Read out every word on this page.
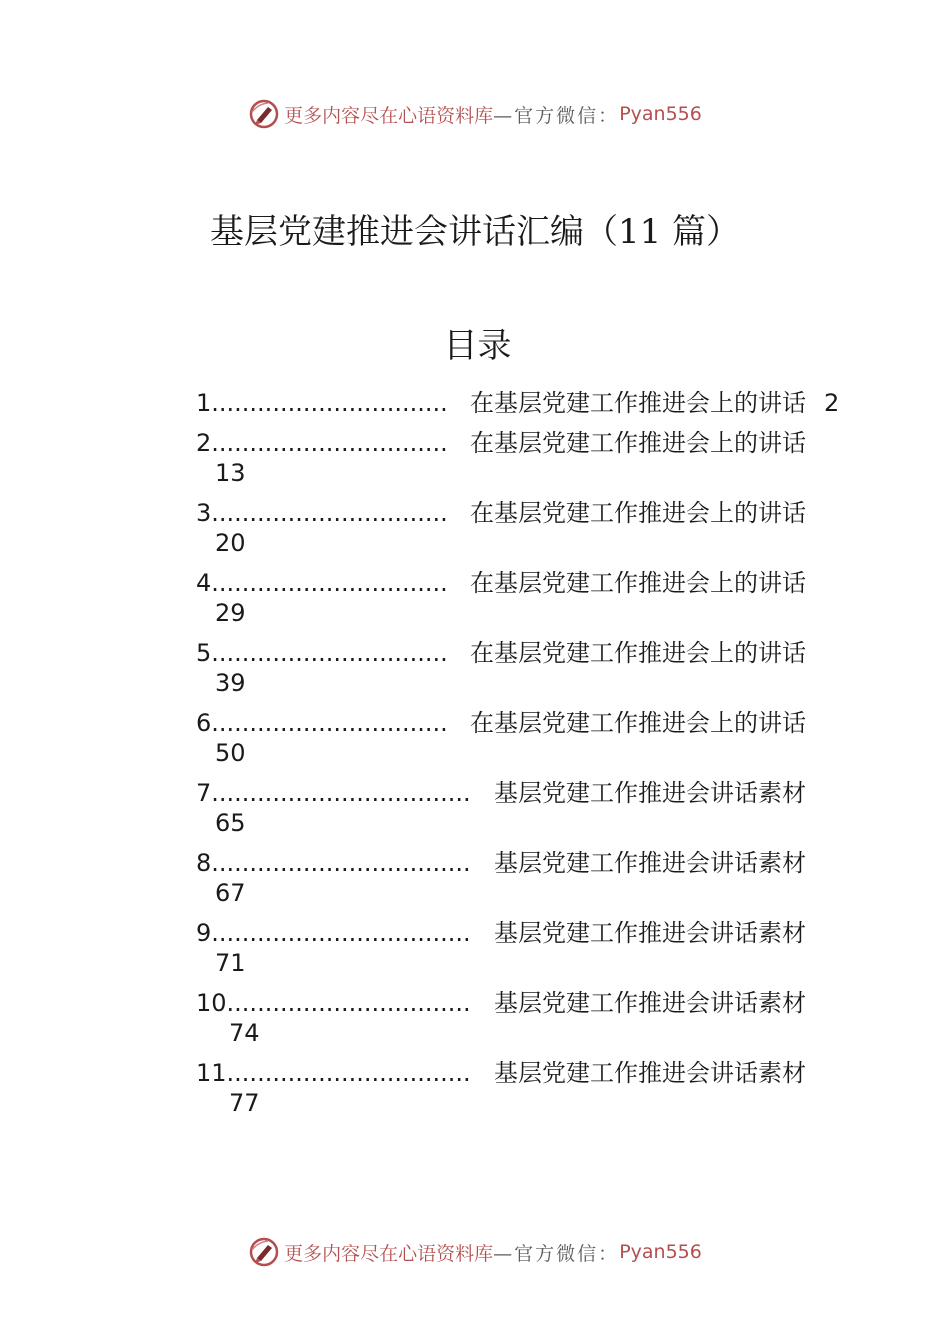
更多内容尽在心语资料库 —官方微信： Pyan556
基层党建推进会讲话汇编（11 篇）
目录
1 ............................... 在基层党建工作推进会上的讲话 2
2 ............................... 在基层党建工作推进会上的讲话
13
3 ............................... 在基层党建工作推进会上的讲话
20
4 ............................... 在基层党建工作推进会上的讲话
29
5 ............................... 在基层党建工作推进会上的讲话
39
6 ............................... 在基层党建工作推进会上的讲话
50
7 .................................. 基层党建工作推进会讲话素材
65
8 .................................. 基层党建工作推进会讲话素材
67
9 .................................. 基层党建工作推进会讲话素材
71
10 ................................ 基层党建工作推进会讲话素材
74
11 ................................ 基层党建工作推进会讲话素材
77
更多内容尽在心语资料库 —官方微信： Pyan556
